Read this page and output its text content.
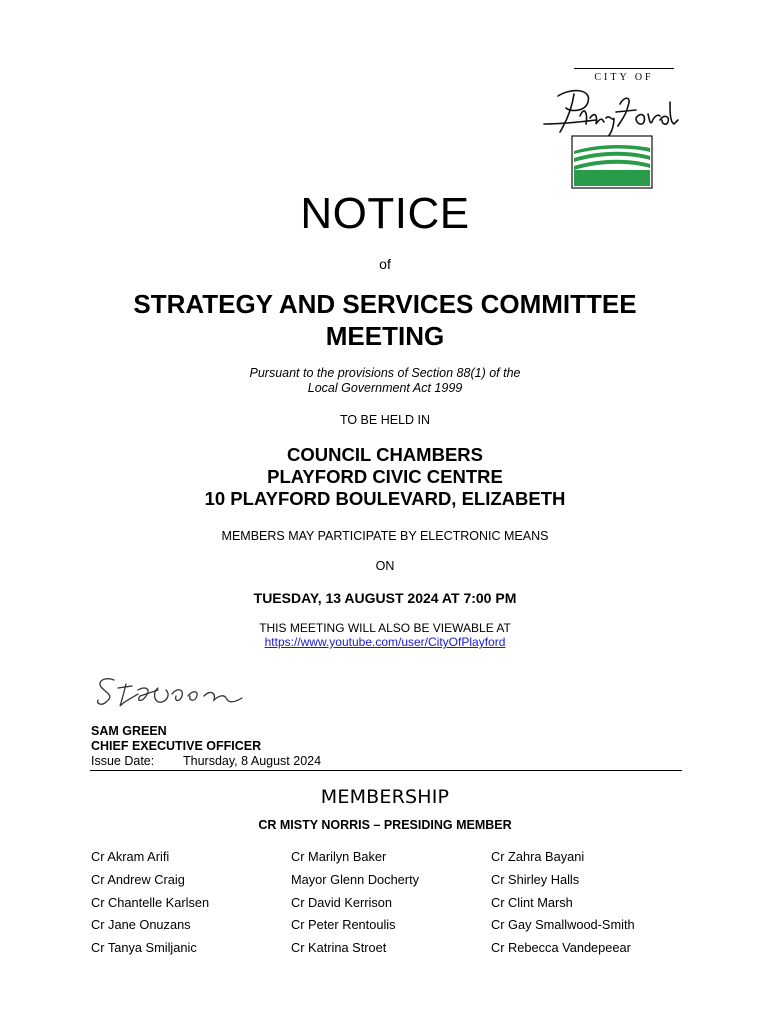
CITY OF
NOTICE
of
STRATEGY AND SERVICES COMMITTEE
MEETING
Pursuant to the provisions of Section 88(1) of the
Local Government Act 1999
TO BE HELD IN
COUNCIL CHAMBERS
PLAYFORD CIVIC CENTRE
10 PLAYFORD BOULEVARD, ELIZABETH
MEMBERS MAY PARTICIPATE BY ELECTRONIC MEANS
ON
TUESDAY, 13 AUGUST 2024 AT 7:00 PM
THIS MEETING WILL ALSO BE VIEWABLE AT
https://www.youtube.com/user/CityOfPlayford
SAM GREEN
CHIEF EXECUTIVE OFFICER
Issue Date: Thursday, 8 August 2024
MEMBERSHIP
CR MISTY NORRIS – PRESIDING MEMBER
Cr Akram Arifi	Cr Marilyn Baker	Cr Zahra Bayani
Cr Andrew Craig	Mayor Glenn Docherty	Cr Shirley Halls
Cr Chantelle Karlsen	Cr David Kerrison	Cr Clint Marsh
Cr Jane Onuzans	Cr Peter Rentoulis	Cr Gay Smallwood-Smith
Cr Tanya Smiljanic	Cr Katrina Stroet	Cr Rebecca Vandepeear
